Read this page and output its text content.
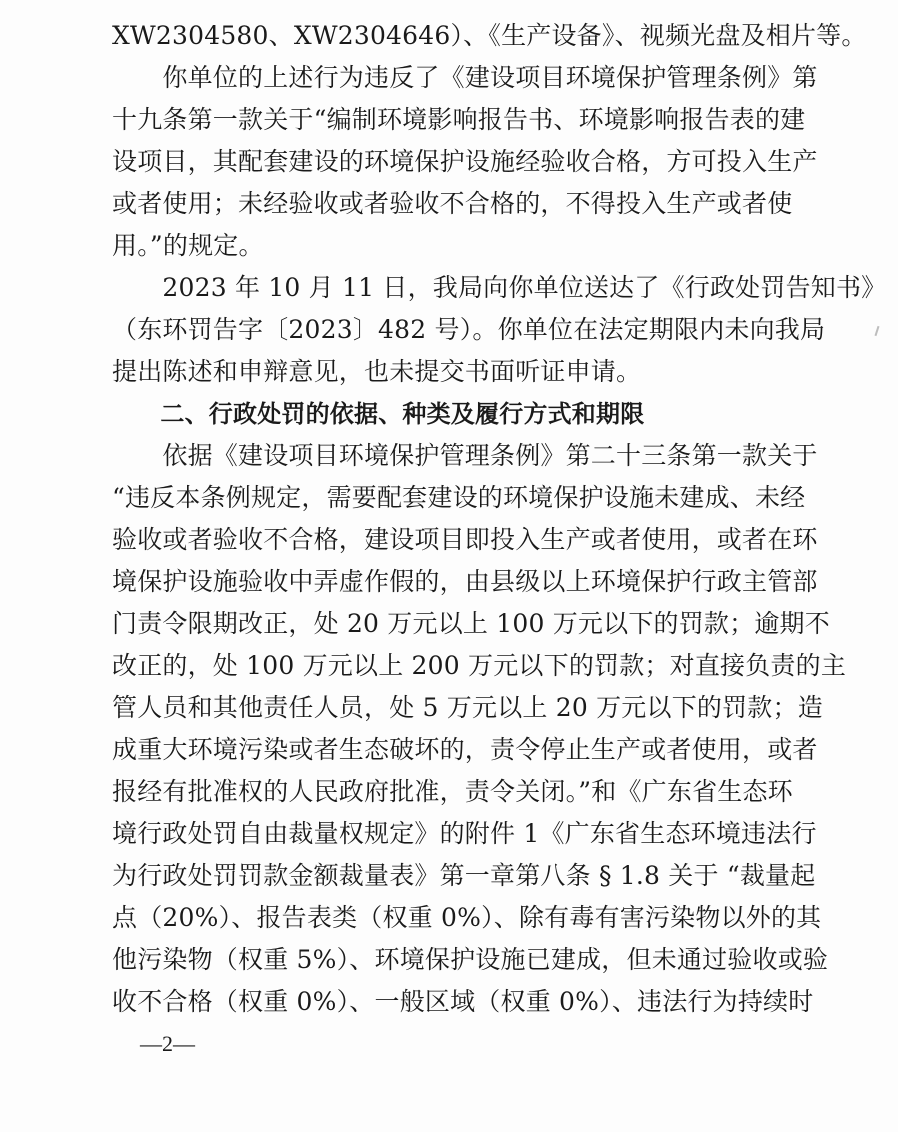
XW2304580、XW2304646）、《生产设备》、视频光盘及相片等。
　　你单位的上述行为违反了《建设项目环境保护管理条例》第
十九条第一款关于“编制环境影响报告书、环境影响报告表的建
设项目，其配套建设的环境保护设施经验收合格，方可投入生产
或者使用；未经验收或者验收不合格的，不得投入生产或者使
用。”的规定。
　　2023 年 10 月 11 日，我局向你单位送达了《行政处罚告知书》
（东环罚告字〔2023〕482 号）。你单位在法定期限内未向我局
提出陈述和申辩意见，也未提交书面听证申请。
　　二、行政处罚的依据、种类及履行方式和期限
　　依据《建设项目环境保护管理条例》第二十三条第一款关于
“违反本条例规定，需要配套建设的环境保护设施未建成、未经
验收或者验收不合格，建设项目即投入生产或者使用，或者在环
境保护设施验收中弄虚作假的，由县级以上环境保护行政主管部
门责令限期改正，处 20 万元以上 100 万元以下的罚款；逾期不
改正的，处 100 万元以上 200 万元以下的罚款；对直接负责的主
管人员和其他责任人员，处 5 万元以上 20 万元以下的罚款；造
成重大环境污染或者生态破坏的，责令停止生产或者使用，或者
报经有批准权的人民政府批准，责令关闭。”和《广东省生态环
境行政处罚自由裁量权规定》的附件 1《广东省生态环境违法行
为行政处罚罚款金额裁量表》第一章第八条 § 1.8 关于 “裁量起
点（20%）、报告表类（权重 0%）、除有毒有害污染物以外的其
他污染物（权重 5%）、环境保护设施已建成，但未通过验收或验
收不合格（权重 0%）、一般区域（权重 0%）、违法行为持续时
—2—
